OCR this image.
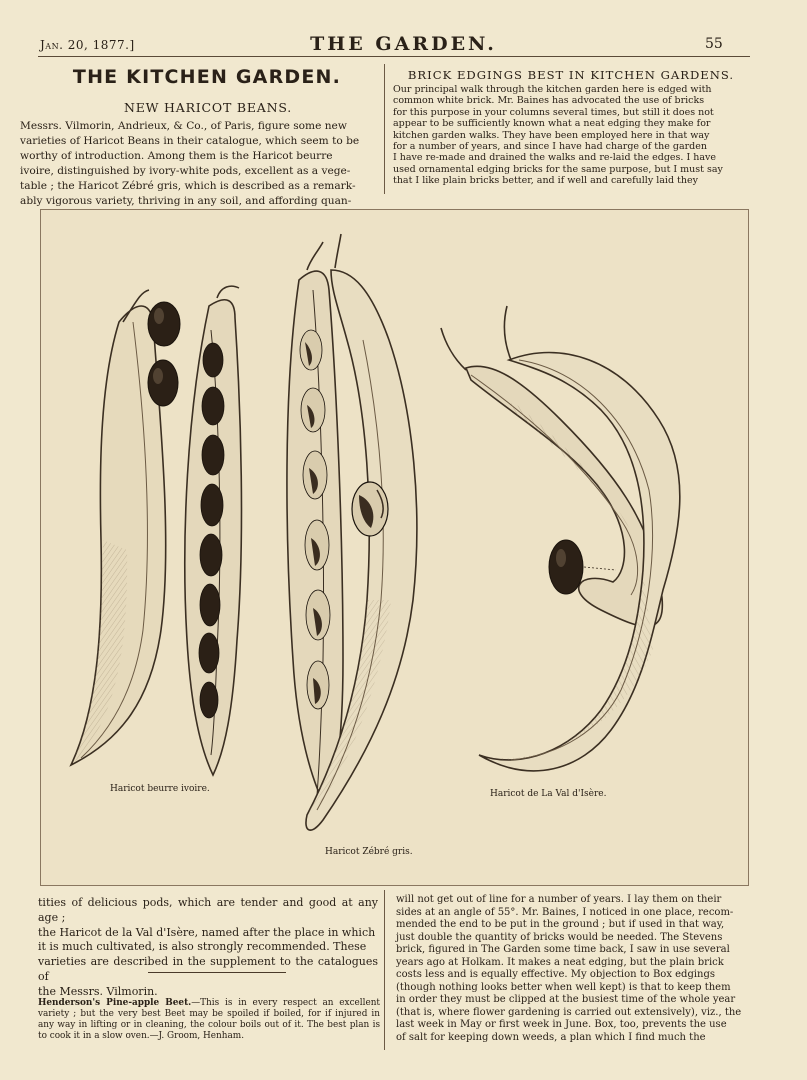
Jan. 20, 1877.]	THE GARDEN.	55
THE KITCHEN GARDEN.
NEW HARICOT BEANS.

Messrs. Vilmorin, Andrieux, & Co., of Paris, figure some new

varieties of Haricot Beans in their catalogue, which seem to be

worthy of introduction. Among them is the Haricot beurre

ivoire, distinguished by ivory-white pods, excellent as a vege-

table ; the Haricot Zébré gris, which is described as a remark-

ably vigorous variety, thriving in any soil, and affording quan-

BRICK EDGINGS BEST IN KITCHEN GARDENS.

Our principal walk through the kitchen garden here is edged with

common white brick. Mr. Baines has advocated the use of bricks

for this purpose in your columns several times, but still it does not

appear to be sufficiently known what a neat edging they make for

kitchen garden walks. They have been employed here in that way

for a number of years, and since I have had charge of the garden

I have re-made and drained the walks and re-laid the edges. I have

used ornamental edging bricks for the same purpose, but I must say

that I like plain bricks better, and if well and carefully laid they

Haricot beurre ivoire.	Haricot de La Val d'Isère.
Haricot Zébré gris.

tities of delicious pods, which are tender and good at any age ;

the Haricot de la Val d'Isère, named after the place in which

it is much cultivated, is also strongly recommended. These

varieties are described in the supplement to the catalogues of

the Messrs. Vilmorin.

Henderson's Pine-apple Beet.—This is in every respect an excellent variety ; but the very best Beet may be spoiled if boiled, for if injured in any way in lifting or in cleaning, the colour boils out of it. The best plan is to cook it in a slow oven.—J. Groom, Henham.

will not get out of line for a number of years. I lay them on their

sides at an angle of 55°. Mr. Baines, I noticed in one place, recom-

mended the end to be put in the ground ; but if used in that way,

just double the quantity of bricks would be needed. The Stevens

brick, figured in The Garden some time back, I saw in use several

years ago at Holkam. It makes a neat edging, but the plain brick

costs less and is equally effective. My objection to Box edgings

(though nothing looks better when well kept) is that to keep them

in order they must be clipped at the busiest time of the whole year

(that is, where flower gardening is carried out extensively), viz., the

last week in May or first week in June. Box, too, prevents the use

of salt for keeping down weeds, a plan which I find much the
